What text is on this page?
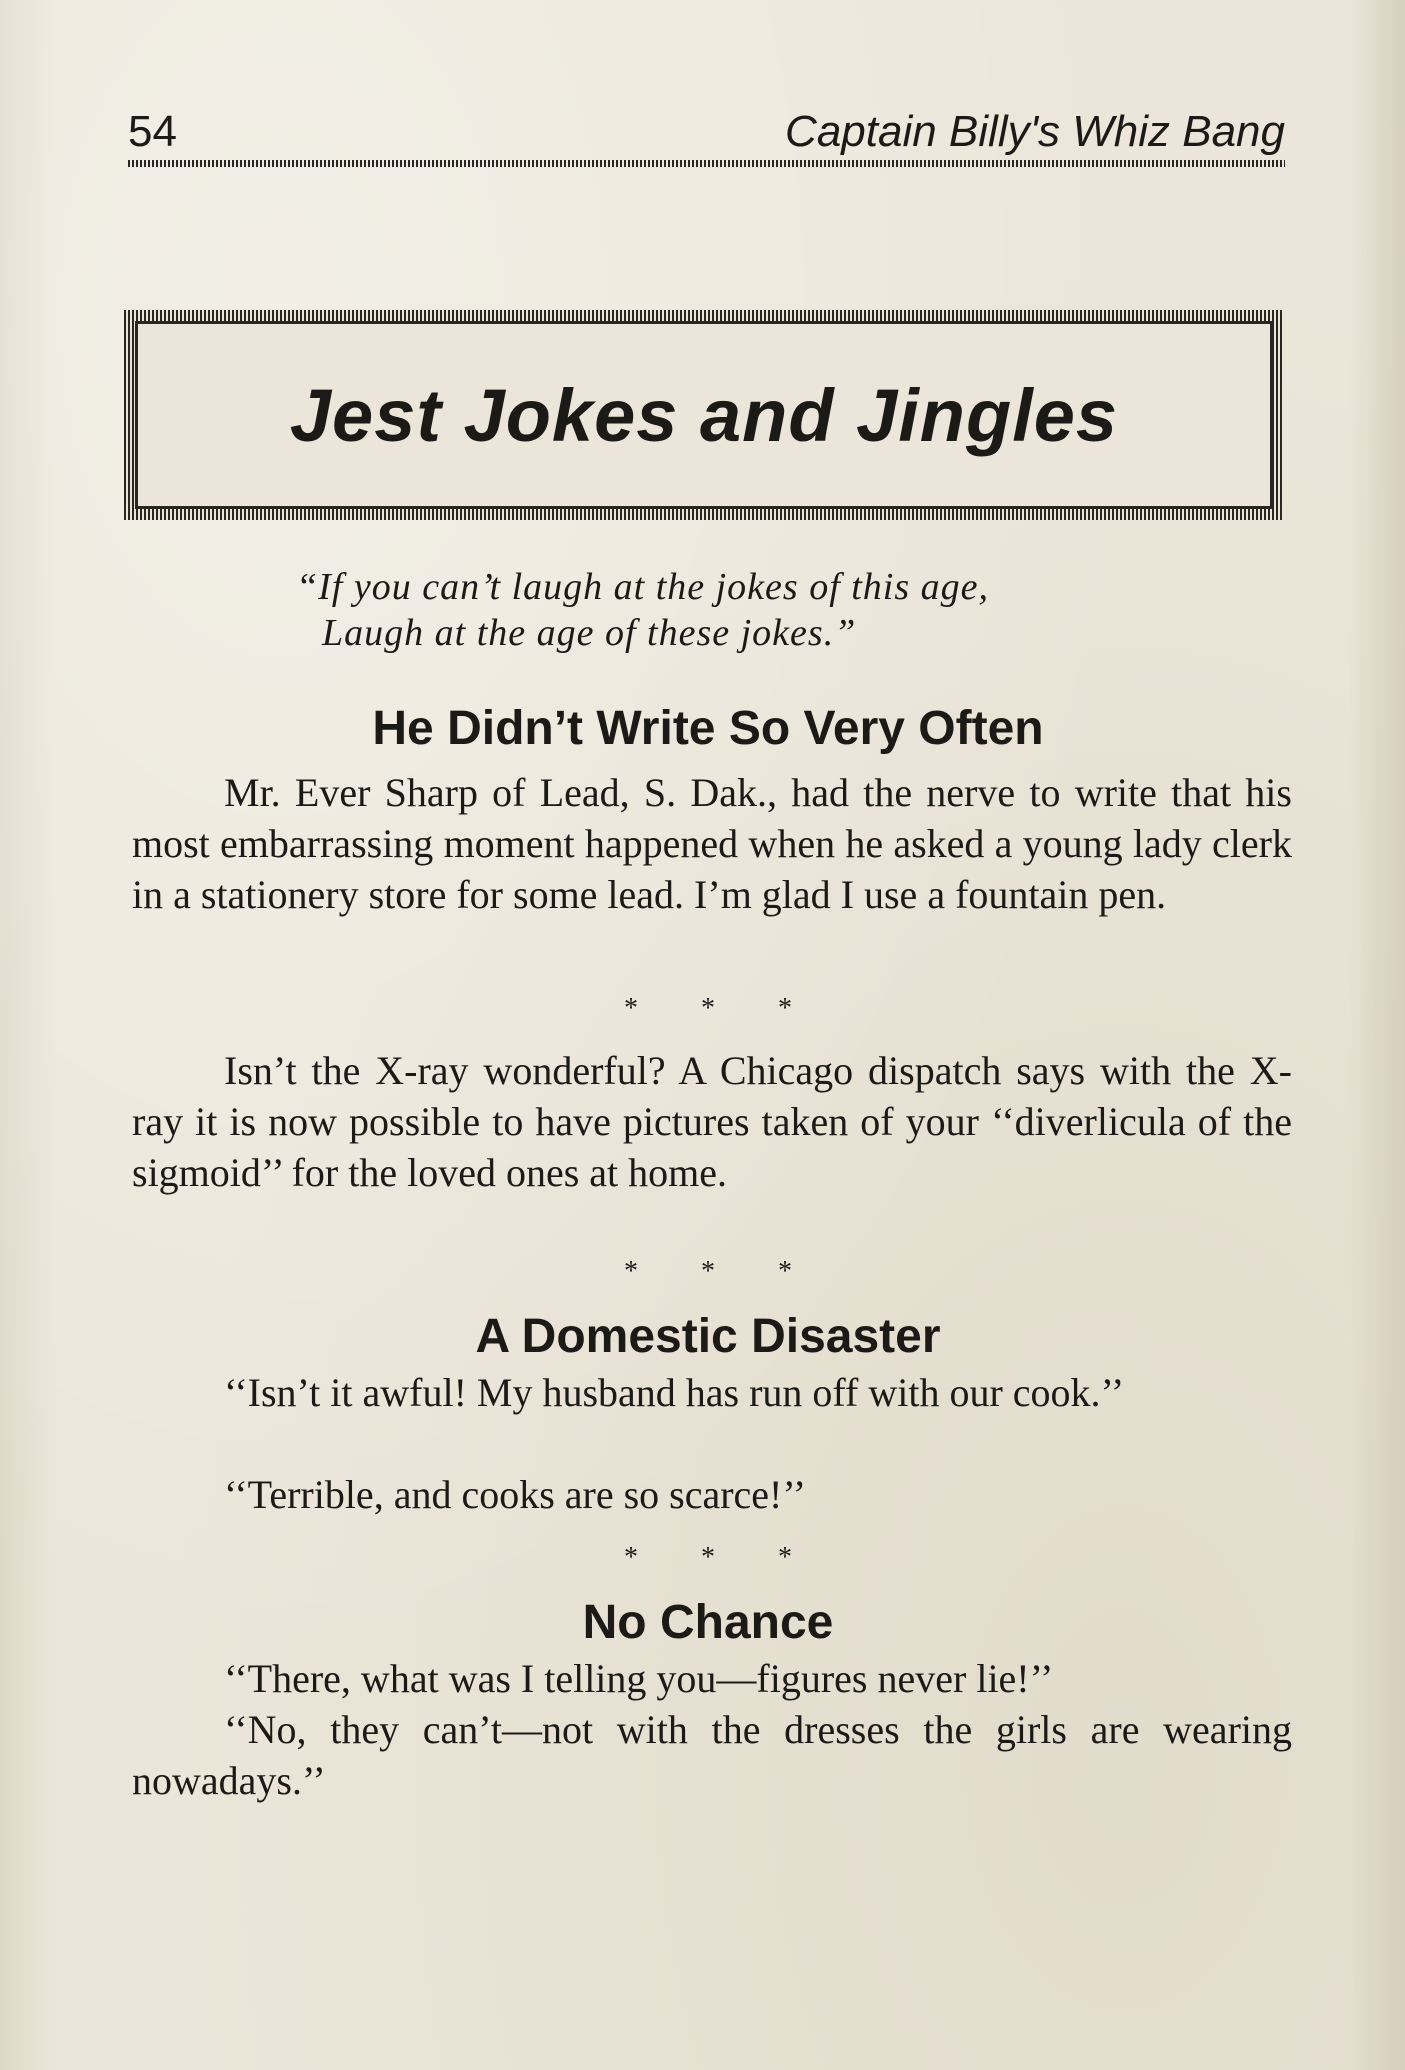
54	Captain Billy's Whiz Bang
Jest Jokes and Jingles
“If you can’t laugh at the jokes of this age,
Laugh at the age of these jokes.”
He Didn’t Write So Very Often
Mr. Ever Sharp of Lead, S. Dak., had the nerve to write that his most embarrassing moment happened when he asked a young lady clerk in a stationery store for some lead. I’m glad I use a fountain pen.
* * *
Isn’t the X-ray wonderful? A Chicago dispatch says with the X-ray it is now possible to have pictures taken of your ‘‘diverlicula of the sigmoid’’ for the loved ones at home.
* * *
A Domestic Disaster
‘‘Isn’t it awful! My husband has run off with our cook.’’
‘‘Terrible, and cooks are so scarce!’’
* * *
No Chance
‘‘There, what was I telling you—figures never lie!’’
‘‘No, they can’t—not with the dresses the girls are wearing nowadays.’’
